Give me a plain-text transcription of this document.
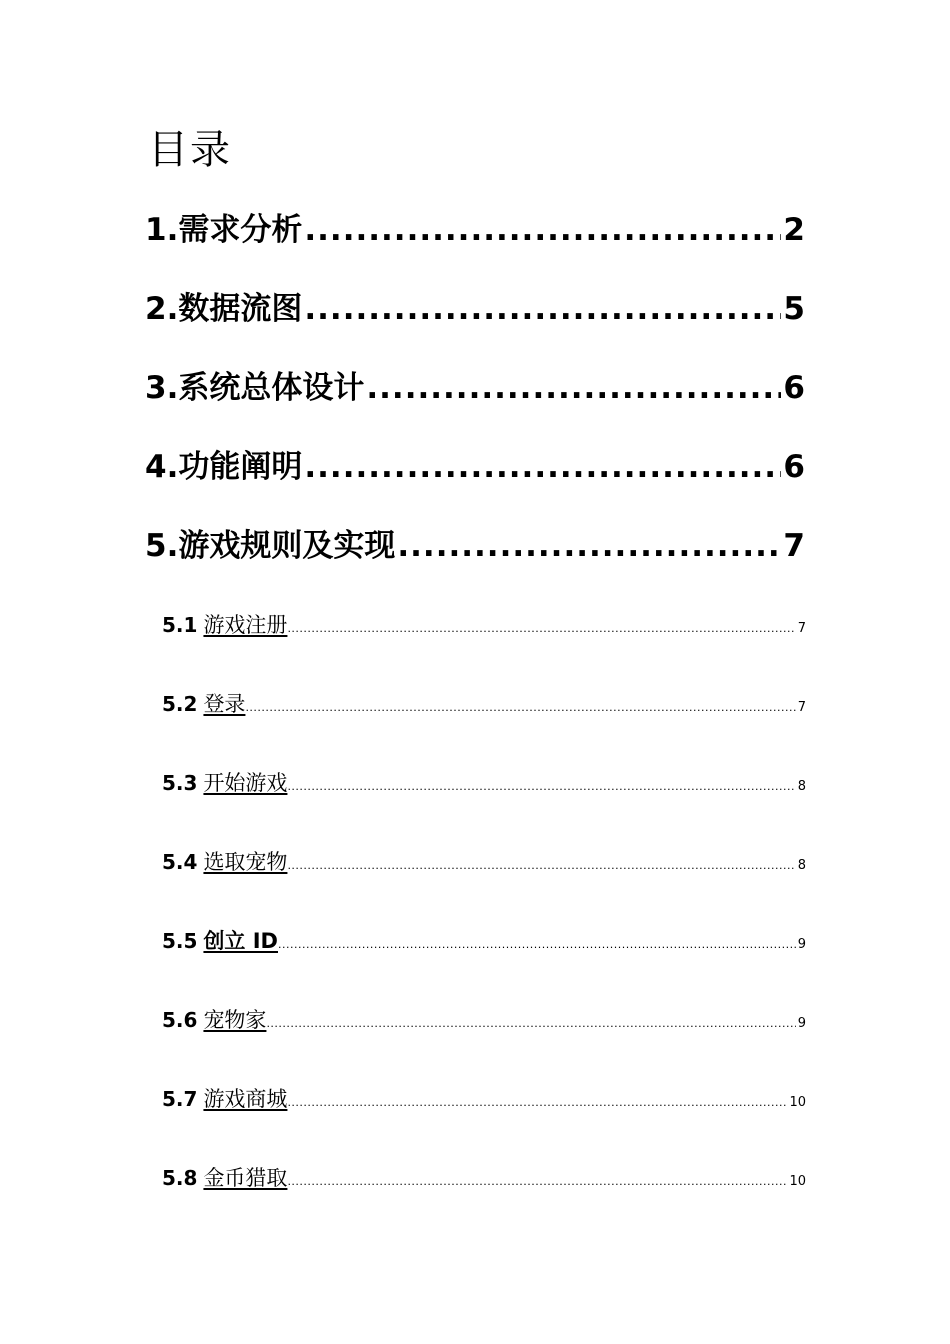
目录
1. 需求分析 .....	2
2. 数据流图 .....	5
3. 系统总体设计 .....	6
4. 功能阐明 .....	6
5. 游戏规则及实现 .....	7
5.1 游戏注册 .....	7
5.2 登录 .....	7
5.3 开始游戏 .....	8
5.4 选取宠物 .....	8
5.5 创立 ID .....	9
5.6 宠物家 .....	9
5.7 游戏商城 .....	10
5.8 金币猎取 .....	10
